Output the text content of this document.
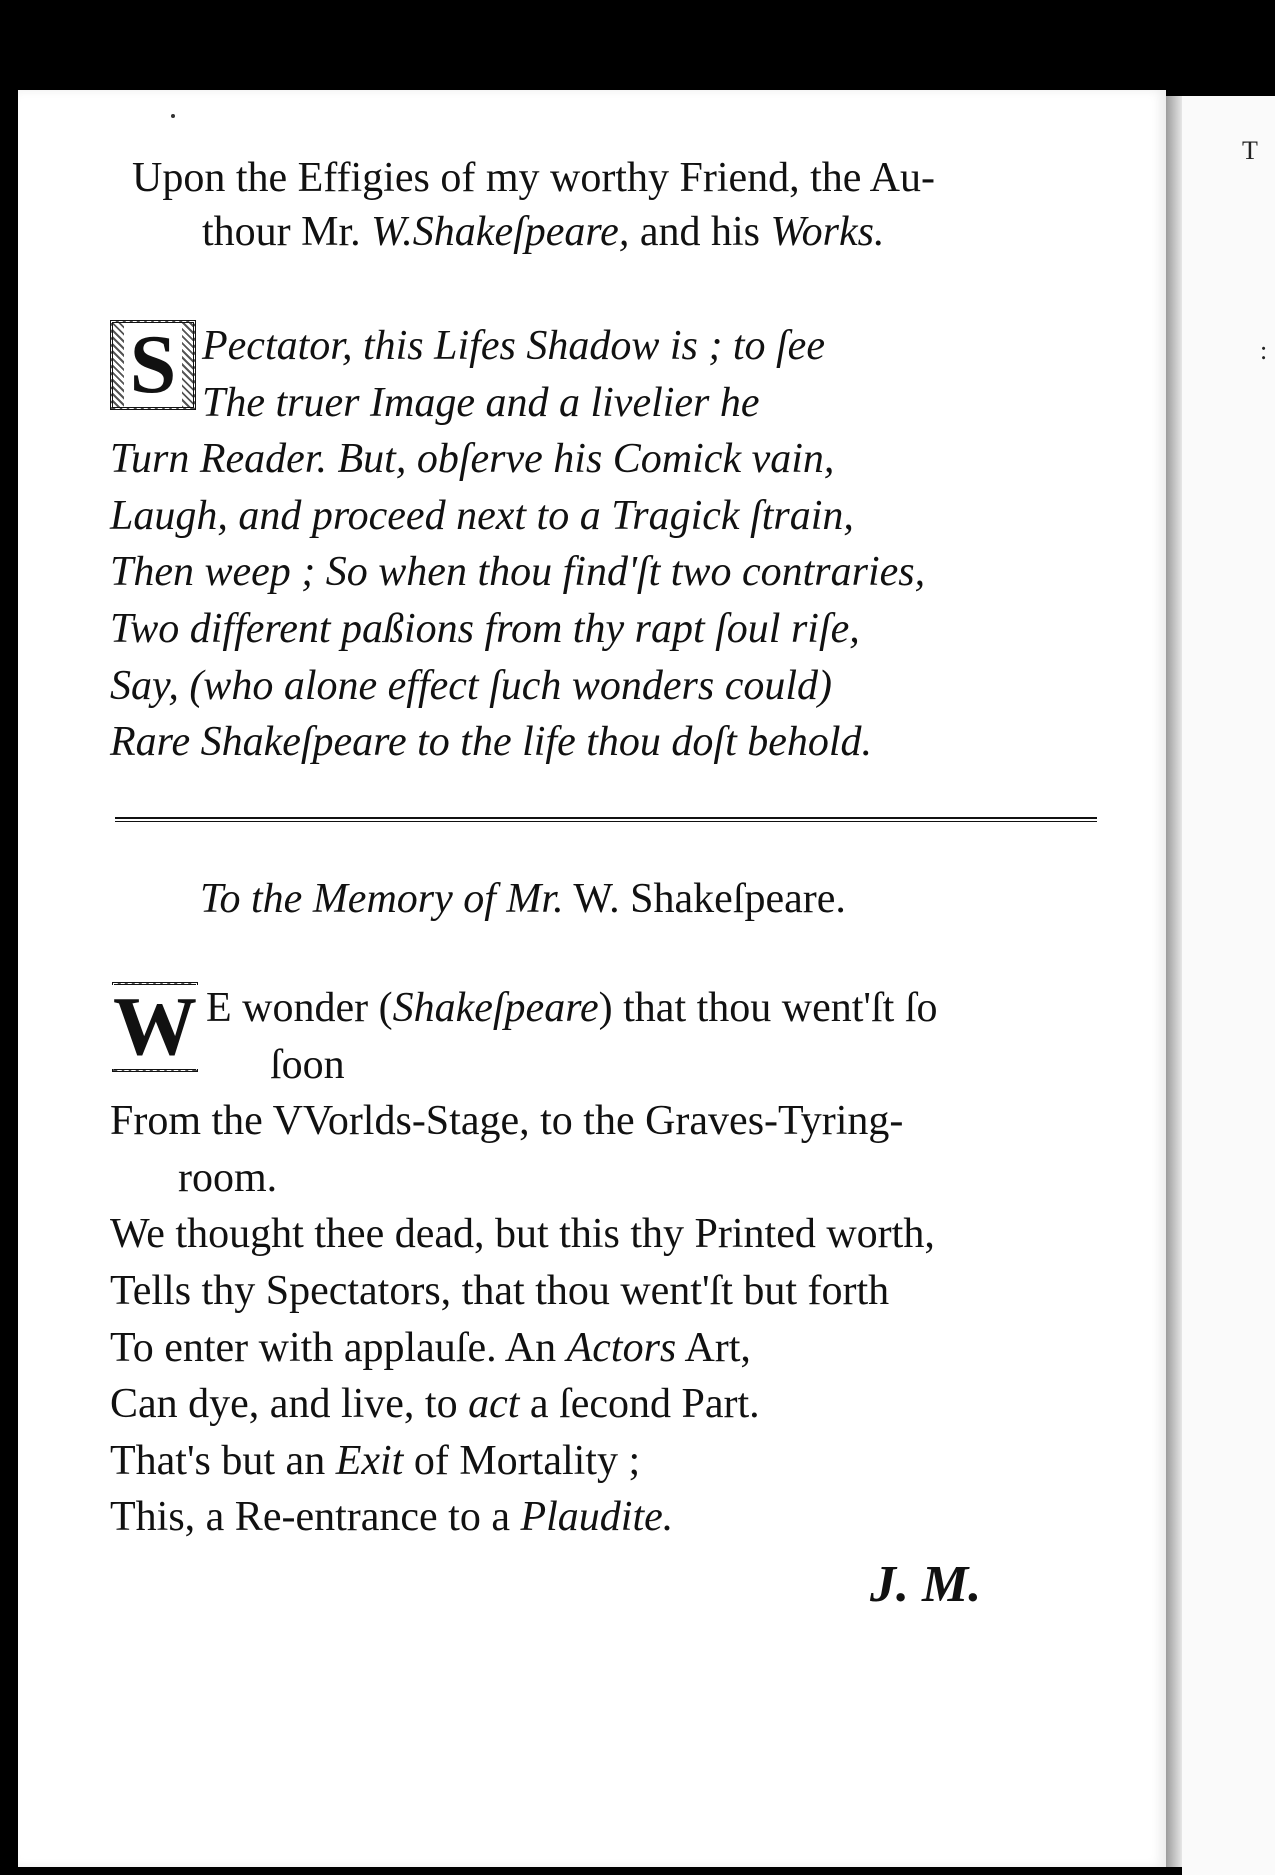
T
:
Upon the Effigies of my worthy Friend, the Au-
thour Mr. W.Shakeſpeare, and his Works.
S Pectator, this Lifes Shadow is ; to ſee
The truer Image and a livelier he
Turn Reader. But, obſerve his Comick vain,
Laugh, and proceed next to a Tragick ſtrain,
Then weep ; So when thou find'ſt two contraries,
Two different paßions from thy rapt ſoul riſe,
Say, (who alone effect ſuch wonders could)
Rare Shakeſpeare to the life thou doſt behold.
To the Memory of Mr. W. Shakeſpeare.
W E wonder (Shakeſpeare) that thou went'ſt ſo
ſoon
From the VVorlds-Stage, to the Graves-Tyring-
room.
We thought thee dead, but this thy Printed worth,
Tells thy Spectators, that thou went'ſt but forth
To enter with applauſe. An Actors Art,
Can dye, and live, to act a ſecond Part.
That's but an Exit of Mortality ;
This, a Re-entrance to a Plaudite.
J. M.
